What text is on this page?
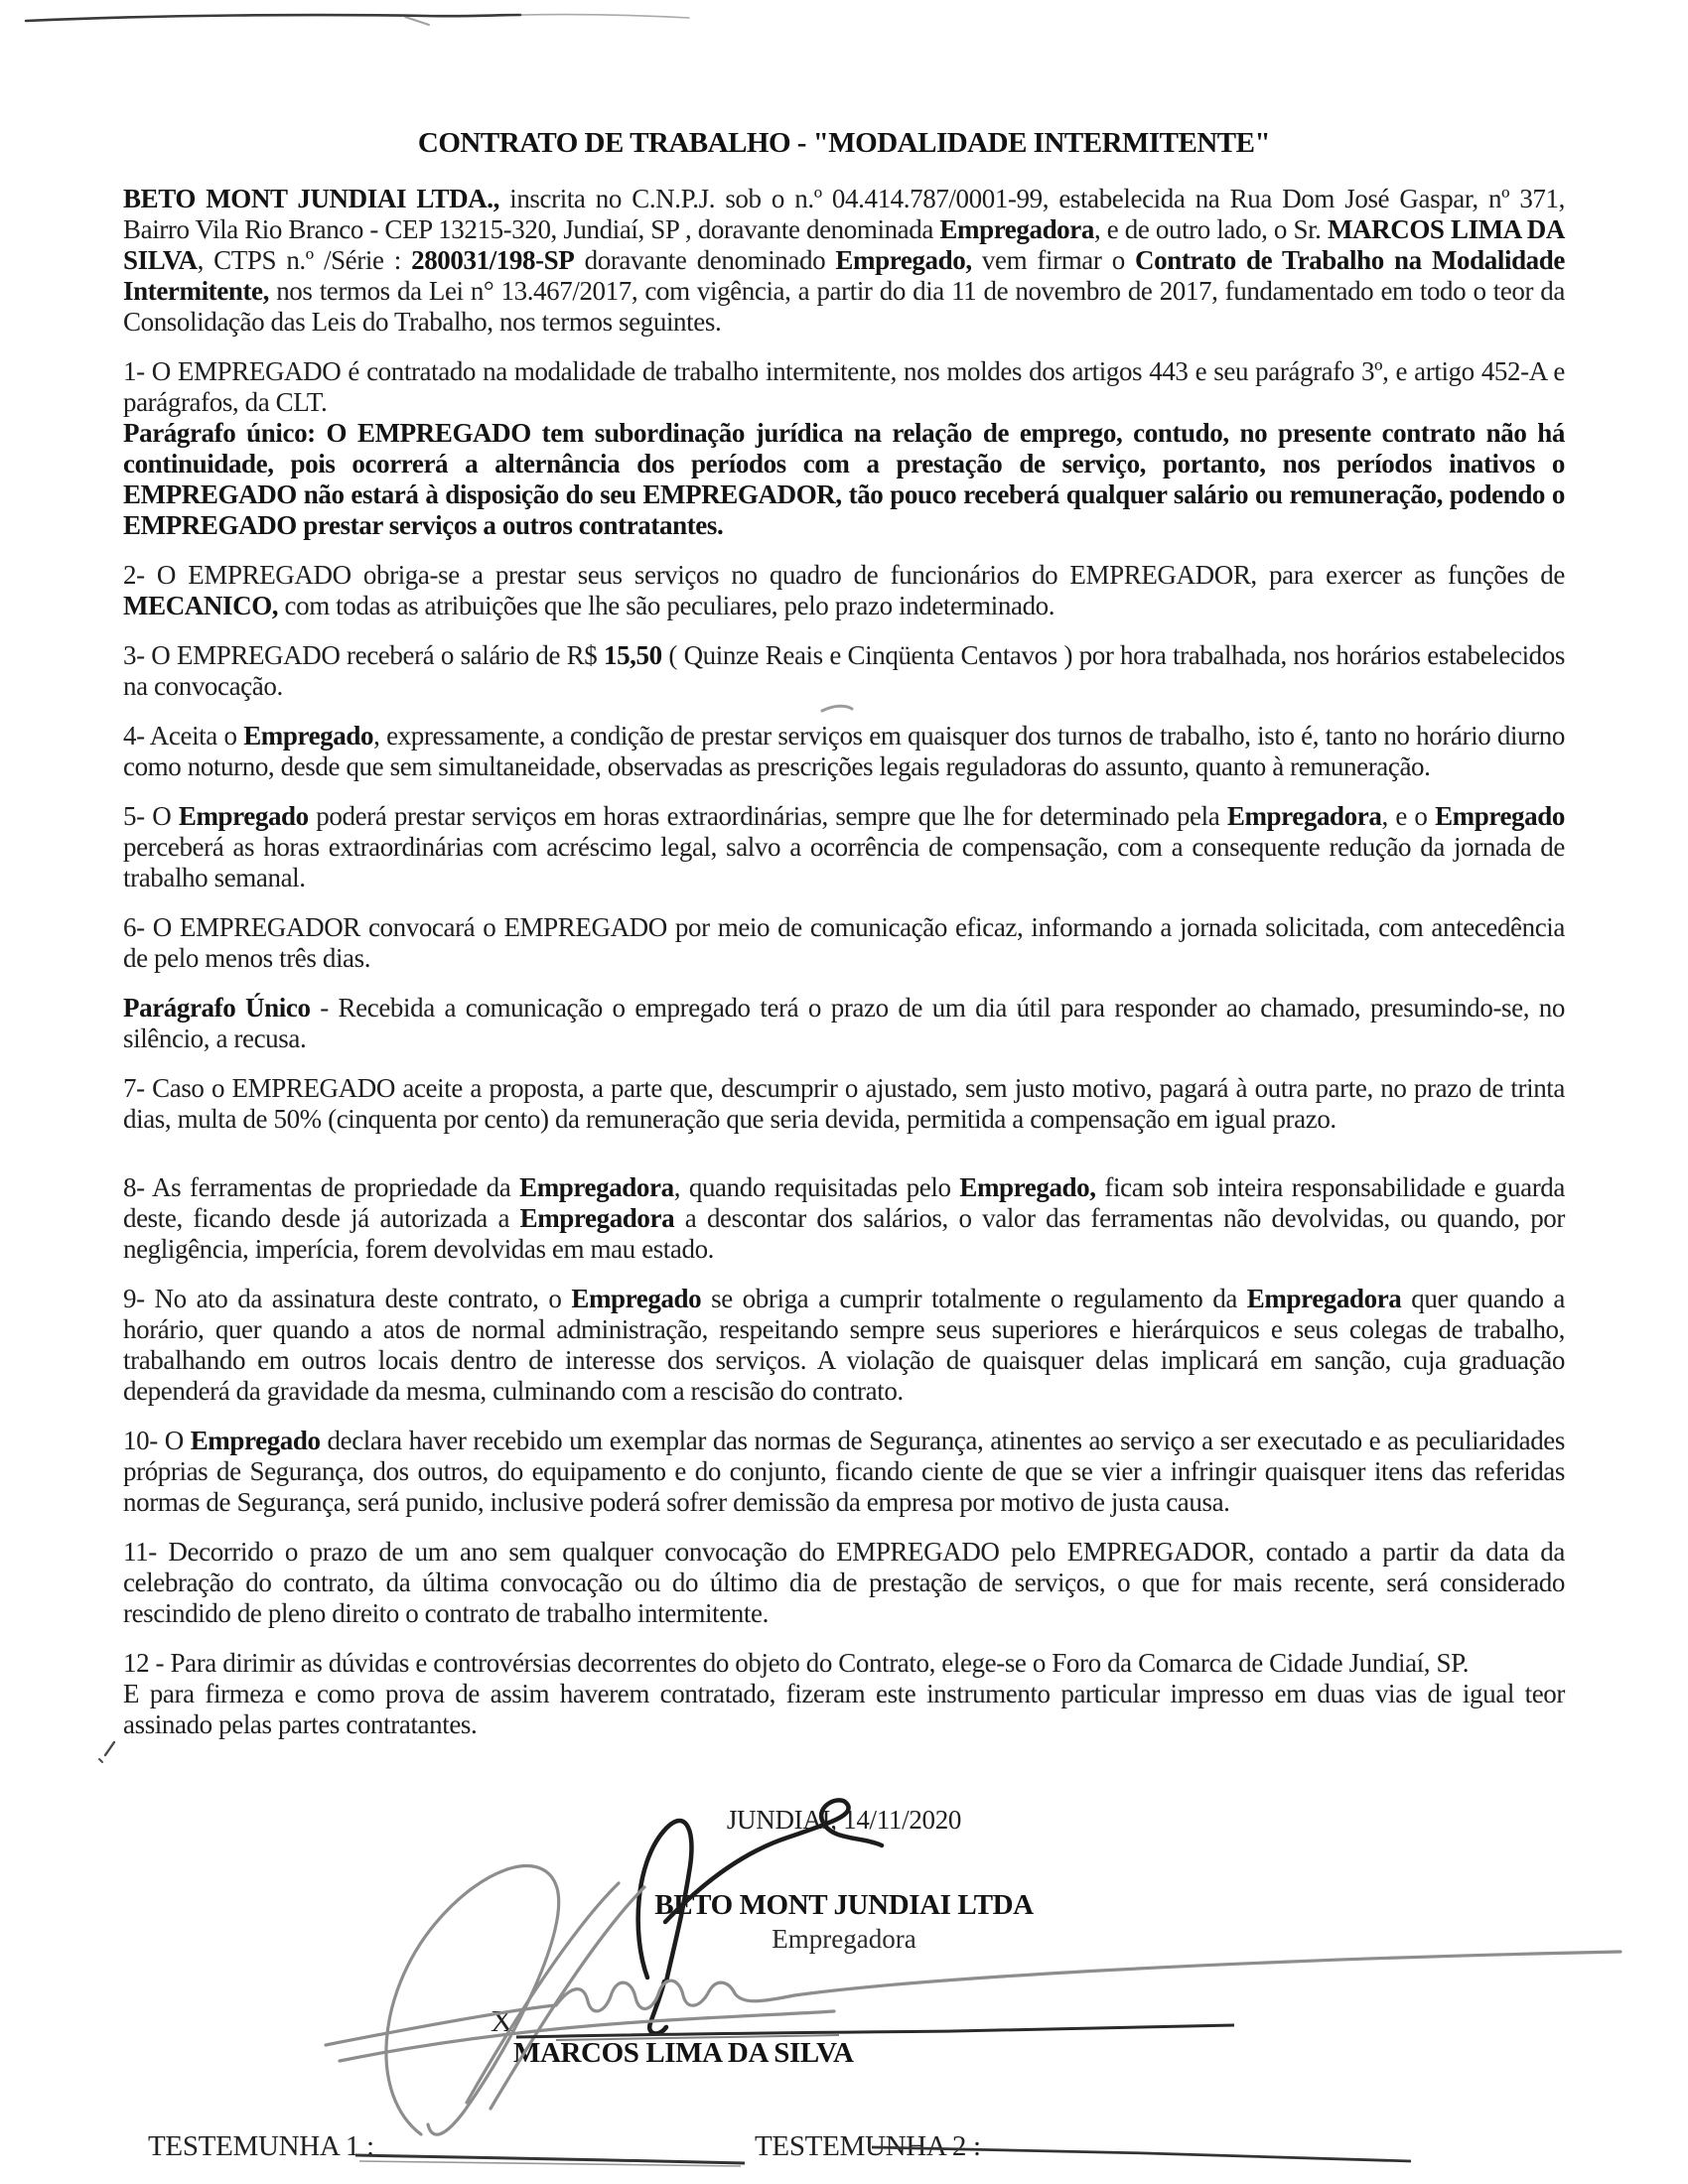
CONTRATO DE TRABALHO - "MODALIDADE INTERMITENTE"

BETO MONT JUNDIAI LTDA., inscrita no C.N.P.J. sob o n.º 04.414.787/0001-99, estabelecida na Rua Dom José Gaspar, nº 371, Bairro Vila Rio Branco - CEP 13215-320, Jundiaí, SP , doravante denominada Empregadora, e de outro lado, o Sr. MARCOS LIMA DA SILVA, CTPS n.º /Série : 280031/198-SP doravante denominado Empregado, vem firmar o Contrato de Trabalho na Modalidade Intermitente, nos termos da Lei n° 13.467/2017, com vigência, a partir do dia 11 de novembro de 2017, fundamentado em todo o teor da Consolidação das Leis do Trabalho, nos termos seguintes.

1- O EMPREGADO é contratado na modalidade de trabalho intermitente, nos moldes dos artigos 443 e seu parágrafo 3º, e artigo 452-A e parágrafos, da CLT.

Parágrafo único: O EMPREGADO tem subordinação jurídica na relação de emprego, contudo, no presente contrato não há continuidade, pois ocorrerá a alternância dos períodos com a prestação de serviço, portanto, nos períodos inativos o EMPREGADO não estará à disposição do seu EMPREGADOR, tão pouco receberá qualquer salário ou remuneração, podendo o EMPREGADO prestar serviços a outros contratantes.

2- O EMPREGADO obriga-se a prestar seus serviços no quadro de funcionários do EMPREGADOR, para exercer as funções de MECANICO, com todas as atribuições que lhe são peculiares, pelo prazo indeterminado.

3- O EMPREGADO receberá o salário de R$ 15,50 ( Quinze Reais e Cinqüenta Centavos ) por hora trabalhada, nos horários estabelecidos na convocação.

4- Aceita o Empregado, expressamente, a condição de prestar serviços em quaisquer dos turnos de trabalho, isto é, tanto no horário diurno como noturno, desde que sem simultaneidade, observadas as prescrições legais reguladoras do assunto, quanto à remuneração.

5- O Empregado poderá prestar serviços em horas extraordinárias, sempre que lhe for determinado pela Empregadora, e o Empregado perceberá as horas extraordinárias com acréscimo legal, salvo a ocorrência de compensação, com a consequente redução da jornada de trabalho semanal.

6- O EMPREGADOR convocará o EMPREGADO por meio de comunicação eficaz, informando a jornada solicitada, com antecedência de pelo menos três dias.

Parágrafo Único - Recebida a comunicação o empregado terá o prazo de um dia útil para responder ao chamado, presumindo-se, no silêncio, a recusa.

7- Caso o EMPREGADO aceite a proposta, a parte que, descumprir o ajustado, sem justo motivo, pagará à outra parte, no prazo de trinta dias, multa de 50% (cinquenta por cento) da remuneração que seria devida, permitida a compensação em igual prazo.

8- As ferramentas de propriedade da Empregadora, quando requisitadas pelo Empregado, ficam sob inteira responsabilidade e guarda deste, ficando desde já autorizada a Empregadora a descontar dos salários, o valor das ferramentas não devolvidas, ou quando, por negligência, imperícia, forem devolvidas em mau estado.

9- No ato da assinatura deste contrato, o Empregado se obriga a cumprir totalmente o regulamento da Empregadora quer quando a horário, quer quando a atos de normal administração, respeitando sempre seus superiores e hierárquicos e seus colegas de trabalho, trabalhando em outros locais dentro de interesse dos serviços. A violação de quaisquer delas implicará em sanção, cuja graduação dependerá da gravidade da mesma, culminando com a rescisão do contrato.

10- O Empregado declara haver recebido um exemplar das normas de Segurança, atinentes ao serviço a ser executado e as peculiaridades próprias de Segurança, dos outros, do equipamento e do conjunto, ficando ciente de que se vier a infringir quaisquer itens das referidas normas de Segurança, será punido, inclusive poderá sofrer demissão da empresa por motivo de justa causa.

11- Decorrido o prazo de um ano sem qualquer convocação do EMPREGADO pelo EMPREGADOR, contado a partir da data da celebração do contrato, da última convocação ou do último dia de prestação de serviços, o que for mais recente, será considerado rescindido de pleno direito o contrato de trabalho intermitente.

12 - Para dirimir as dúvidas e controvérsias decorrentes do objeto do Contrato, elege-se o Foro da Comarca de Cidade Jundiaí, SP.

E para firmeza e como prova de assim haverem contratado, fizeram este instrumento particular impresso em duas vias de igual teor assinado pelas partes contratantes.

JUNDIAI, 14/11/2020
BETO MONT JUNDIAI LTDA
Empregadora
X
MARCOS LIMA DA SILVA
TESTEMUNHA 1 :	TESTEMUNHA 2 :
